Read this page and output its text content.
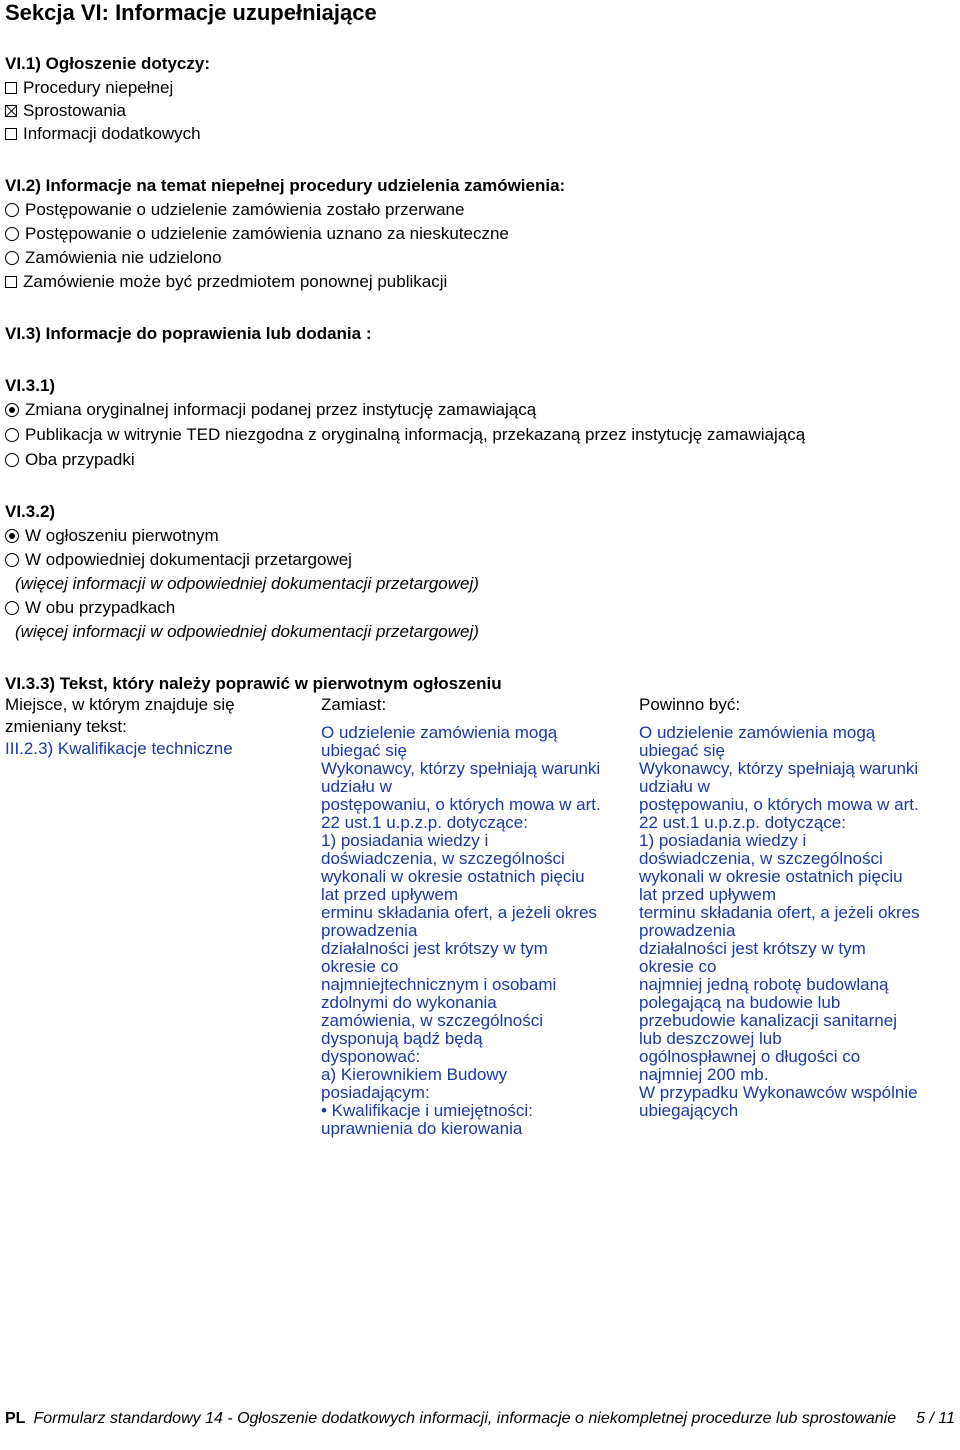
Sekcja VI: Informacje uzupełniające
VI.1) Ogłoszenie dotyczy:
Procedury niepełnej
Sprostowania
Informacji dodatkowych
VI.2) Informacje na temat niepełnej procedury udzielenia zamówienia:
Postępowanie o udzielenie zamówienia zostało przerwane
Postępowanie o udzielenie zamówienia uznano za nieskuteczne
Zamówienia nie udzielono
Zamówienie może być przedmiotem ponownej publikacji
VI.3) Informacje do poprawienia lub dodania :
VI.3.1)
Zmiana oryginalnej informacji podanej przez instytucję zamawiającą
Publikacja w witrynie TED niezgodna z oryginalną informacją, przekazaną przez instytucję zamawiającą
Oba przypadki
VI.3.2)
W ogłoszeniu pierwotnym
W odpowiedniej dokumentacji przetargowej
(więcej informacji w odpowiedniej dokumentacji przetargowej)
W obu przypadkach
(więcej informacji w odpowiedniej dokumentacji przetargowej)
VI.3.3) Tekst, który należy poprawić w pierwotnym ogłoszeniu
Miejsce, w którym znajduje się
zmieniany tekst:
III.2.3) Kwalifikacje techniczne
Zamiast:
O udzielenie zamówienia mogą
ubiegać się
Wykonawcy, którzy spełniają warunki
udziału w
postępowaniu, o których mowa w art.
22 ust.1 u.p.z.p. dotyczące:
1) posiadania wiedzy i
doświadczenia, w szczególności
wykonali w okresie ostatnich pięciu
lat przed upływem
erminu składania ofert, a jeżeli okres
prowadzenia
działalności jest krótszy w tym
okresie co
najmniejtechnicznym i osobami
zdolnymi do wykonania
zamówienia, w szczególności
dysponują bądź będą
dysponować:
a) Kierownikiem Budowy
posiadającym:
• Kwalifikacje i umiejętności:
uprawnienia do kierowania
Powinno być:
O udzielenie zamówienia mogą
ubiegać się
Wykonawcy, którzy spełniają warunki
udziału w
postępowaniu, o których mowa w art.
22 ust.1 u.p.z.p. dotyczące:
1) posiadania wiedzy i
doświadczenia, w szczególności
wykonali w okresie ostatnich pięciu
lat przed upływem
terminu składania ofert, a jeżeli okres
prowadzenia
działalności jest krótszy w tym
okresie co
najmniej jedną robotę budowlaną
polegającą na budowie lub
przebudowie kanalizacji sanitarnej
lub deszczowej lub
ogólnospławnej o długości co
najmniej 200 mb.
W przypadku Wykonawców wspólnie
ubiegających
PL Formularz standardowy 14 - Ogłoszenie dodatkowych informacji, informacje o niekompletnej procedurze lub sprostowanie 5 / 11
